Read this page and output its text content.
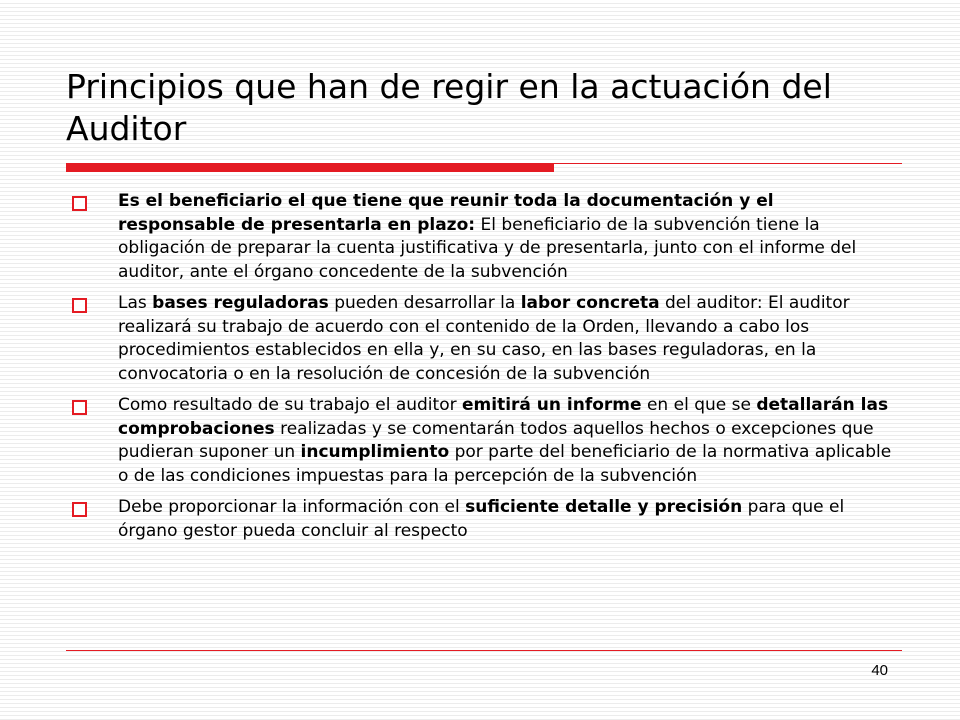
Principios que han de regir en la actuación del Auditor
Es el beneficiario el que tiene que reunir toda la documentación y el responsable de presentarla en plazo: El beneficiario de la subvención tiene la obligación de preparar la cuenta justificativa y de presentarla, junto con el informe del auditor, ante el órgano concedente de la subvención
Las bases reguladoras pueden desarrollar la labor concreta del auditor: El auditor realizará su trabajo de acuerdo con el contenido de la Orden, llevando a cabo los procedimientos establecidos en ella y, en su caso, en las bases reguladoras, en la convocatoria o en la resolución de concesión de la subvención
Como resultado de su trabajo el auditor emitirá un informe en el que se detallarán las comprobaciones realizadas y se comentarán todos aquellos hechos o excepciones que pudieran suponer un incumplimiento por parte del beneficiario de la normativa aplicable o de las condiciones impuestas para la percepción de la subvención
Debe proporcionar la información con el suficiente detalle y precisión para que el órgano gestor pueda concluir al respecto
40
